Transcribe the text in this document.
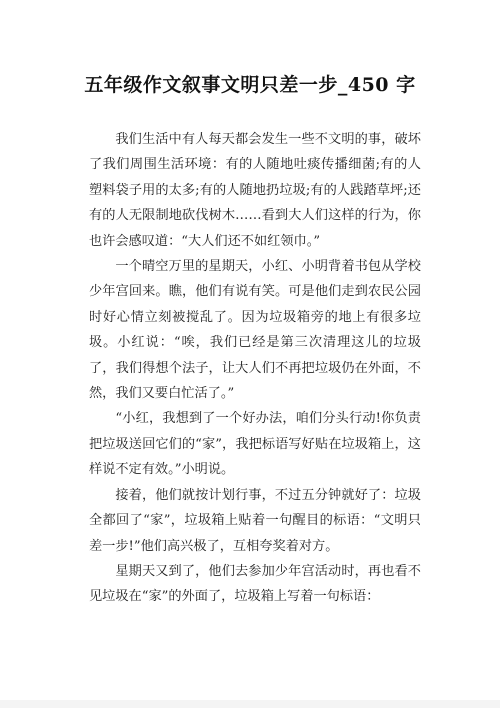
五年级作文叙事文明只差一步_450 字

我们生活中有人每天都会发生一些不文明的事，破坏了我们周围生活环境：有的人随地吐痰传播细菌;有的人塑料袋子用的太多;有的人随地扔垃圾;有的人践踏草坪;还有的人无限制地砍伐树木……看到大人们这样的行为，你也许会感叹道：“大人们还不如红领巾。”

一个晴空万里的星期天，小红、小明背着书包从学校少年宫回来。瞧，他们有说有笑。可是他们走到农民公园时好心情立刻被搅乱了。因为垃圾箱旁的地上有很多垃圾。小红说：“唉，我们已经是第三次清理这儿的垃圾了，我们得想个法子，让大人们不再把垃圾仍在外面，不然，我们又要白忙活了。”

“小红，我想到了一个好办法，咱们分头行动!你负责把垃圾送回它们的“家”，我把标语写好贴在垃圾箱上，这样说不定有效。”小明说。

接着，他们就按计划行事，不过五分钟就好了：垃圾全都回了“家”，垃圾箱上贴着一句醒目的标语：“文明只差一步!”他们高兴极了，互相夸奖着对方。

星期天又到了，他们去参加少年宫活动时，再也看不见垃圾在“家”的外面了，垃圾箱上写着一句标语：
